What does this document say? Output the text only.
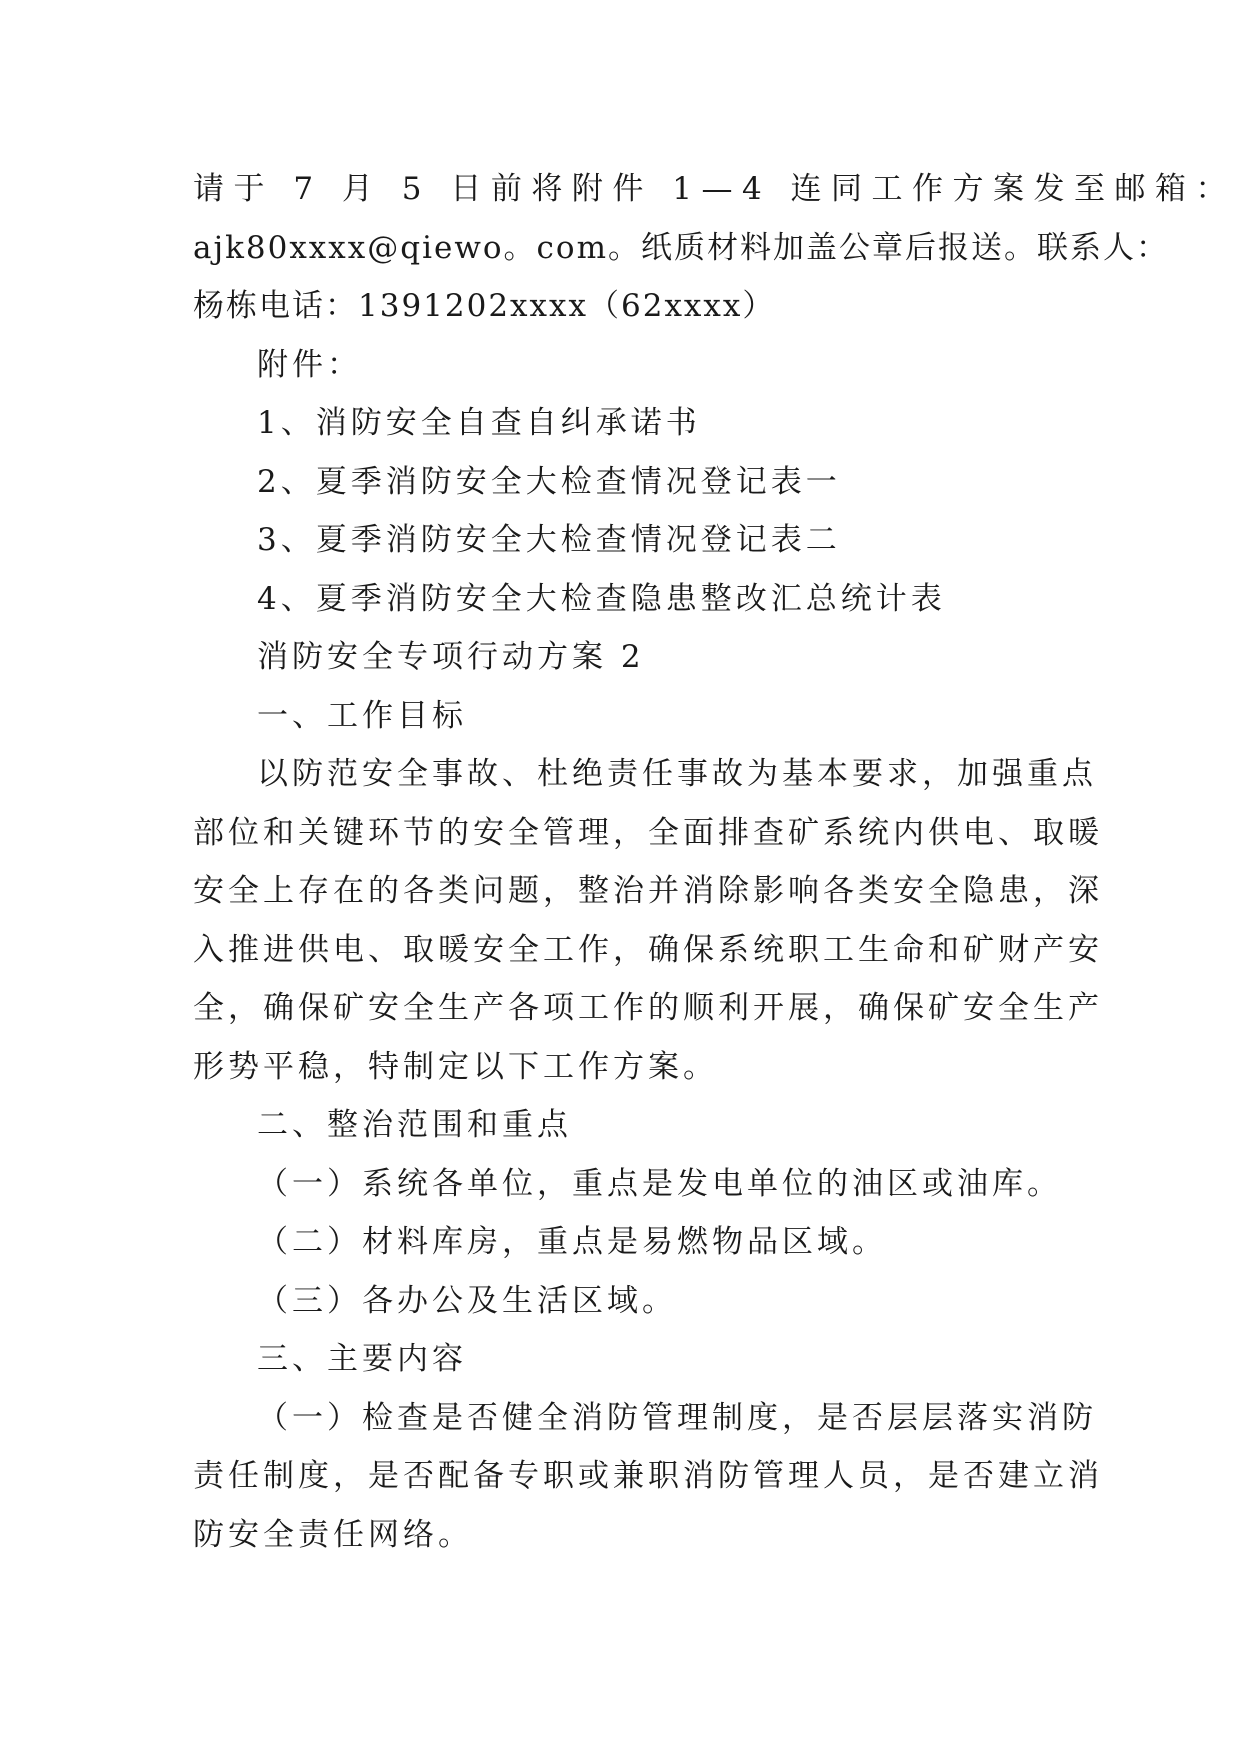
请于 7 月 5 日前将附件 1—4 连同工作方案发至邮箱：
ajk80xxxx@qiewo。com。纸质材料加盖公章后报送。联系人：
杨栋电话：1391202xxxx（62xxxx）
附件：
1、消防安全自查自纠承诺书
2、夏季消防安全大检查情况登记表一
3、夏季消防安全大检查情况登记表二
4、夏季消防安全大检查隐患整改汇总统计表
消防安全专项行动方案 2
一、工作目标
以防范安全事故、杜绝责任事故为基本要求，加强重点
部位和关键环节的安全管理，全面排查矿系统内供电、取暖
安全上存在的各类问题，整治并消除影响各类安全隐患，深
入推进供电、取暖安全工作，确保系统职工生命和矿财产安
全，确保矿安全生产各项工作的顺利开展，确保矿安全生产
形势平稳，特制定以下工作方案。
二、整治范围和重点
（一）系统各单位，重点是发电单位的油区或油库。
（二）材料库房，重点是易燃物品区域。
（三）各办公及生活区域。
三、主要内容
（一）检查是否健全消防管理制度，是否层层落实消防
责任制度，是否配备专职或兼职消防管理人员，是否建立消
防安全责任网络。
